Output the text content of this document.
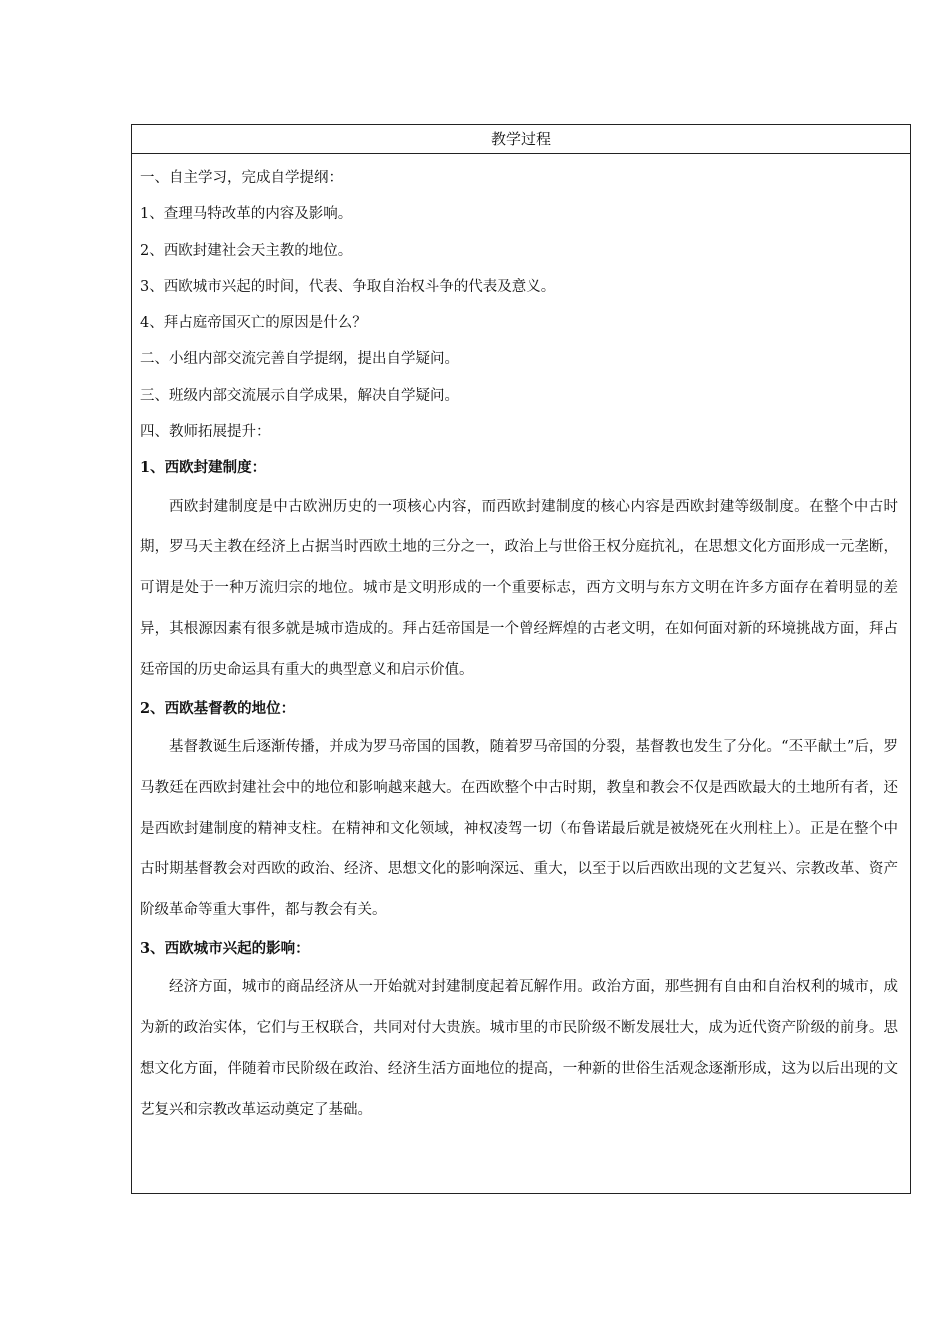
教学过程
一、自主学习，完成自学提纲：
1、查理马特改革的内容及影响。
2、西欧封建社会天主教的地位。
3、西欧城市兴起的时间，代表、争取自治权斗争的代表及意义。
4、拜占庭帝国灭亡的原因是什么？
二、小组内部交流完善自学提纲，提出自学疑问。
三、班级内部交流展示自学成果，解决自学疑问。
四、教师拓展提升：
1、西欧封建制度：

西欧封建制度是中古欧洲历史的一项核心内容，而西欧封建制度的核心内容是西欧封建等级制度。在整个中古时期，罗马天主教在经济上占据当时西欧土地的三分之一，政治上与世俗王权分庭抗礼，在思想文化方面形成一元垄断，可谓是处于一种万流归宗的地位。城市是文明形成的一个重要标志，西方文明与东方文明在许多方面存在着明显的差异，其根源因素有很多就是城市造成的。拜占廷帝国是一个曾经辉煌的古老文明，在如何面对新的环境挑战方面，拜占廷帝国的历史命运具有重大的典型意义和启示价值。

2、西欧基督教的地位：

基督教诞生后逐渐传播，并成为罗马帝国的国教，随着罗马帝国的分裂，基督教也发生了分化。“丕平献土”后，罗马教廷在西欧封建社会中的地位和影响越来越大。在西欧整个中古时期，教皇和教会不仅是西欧最大的土地所有者，还是西欧封建制度的精神支柱。在精神和文化领域，神权凌驾一切（布鲁诺最后就是被烧死在火刑柱上）。正是在整个中古时期基督教会对西欧的政治、经济、思想文化的影响深远、重大，以至于以后西欧出现的文艺复兴、宗教改革、资产阶级革命等重大事件，都与教会有关。

3、西欧城市兴起的影响：

经济方面，城市的商品经济从一开始就对封建制度起着瓦解作用。政治方面，那些拥有自由和自治权利的城市，成为新的政治实体，它们与王权联合，共同对付大贵族。城市里的市民阶级不断发展壮大，成为近代资产阶级的前身。思想文化方面，伴随着市民阶级在政治、经济生活方面地位的提高，一种新的世俗生活观念逐渐形成，这为以后出现的文艺复兴和宗教改革运动奠定了基础。
